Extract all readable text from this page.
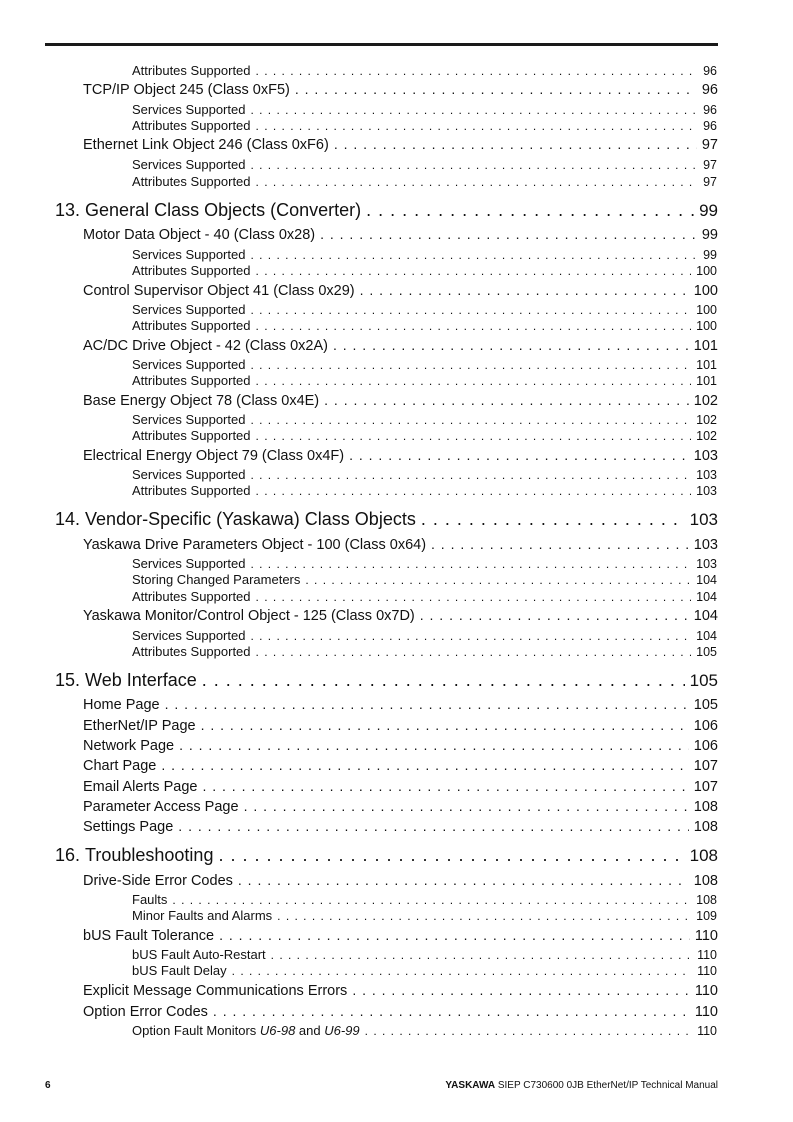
Attributes Supported . . .	96
TCP/IP Object 245 (Class 0xF5) . . .	96
Services Supported . . .	96
Attributes Supported . . .	96
Ethernet Link Object 246 (Class 0xF6) . . .	97
Services Supported . . .	97
Attributes Supported . . .	97
13. General Class Objects (Converter) . . .	99
Motor Data Object - 40 (Class 0x28) . . .	99
Services Supported . . .	99
Attributes Supported . . .	100
Control Supervisor Object 41 (Class 0x29) . . .	100
Services Supported . . .	100
Attributes Supported . . .	100
AC/DC Drive Object - 42 (Class 0x2A) . . .	101
Services Supported . . .	101
Attributes Supported . . .	101
Base Energy Object 78 (Class 0x4E) . . .	102
Services Supported . . .	102
Attributes Supported . . .	102
Electrical Energy Object 79 (Class 0x4F) . . .	103
Services Supported . . .	103
Attributes Supported . . .	103
14. Vendor-Specific (Yaskawa) Class Objects . . .	103
Yaskawa Drive Parameters Object - 100 (Class 0x64) . . .	103
Services Supported . . .	103
Storing Changed Parameters . . .	104
Attributes Supported . . .	104
Yaskawa Monitor/Control Object - 125 (Class 0x7D) . . .	104
Services Supported . . .	104
Attributes Supported . . .	105
15. Web Interface . . .	105
Home Page . . .	105
EtherNet/IP Page . . .	106
Network Page . . .	106
Chart Page . . .	107
Email Alerts Page . . .	107
Parameter Access Page . . .	108
Settings Page . . .	108
16. Troubleshooting . . .	108
Drive-Side Error Codes . . .	108
Faults . . .	108
Minor Faults and Alarms . . .	109
bUS Fault Tolerance . . .	110
bUS Fault Auto-Restart . . .	110
bUS Fault Delay . . .	110
Explicit Message Communications Errors . . .	110
Option Error Codes . . .	110
Option Fault Monitors U6-98 and U6-99 . . .	110
6	YASKAWA SIEP C730600 0JB EtherNet/IP Technical Manual
